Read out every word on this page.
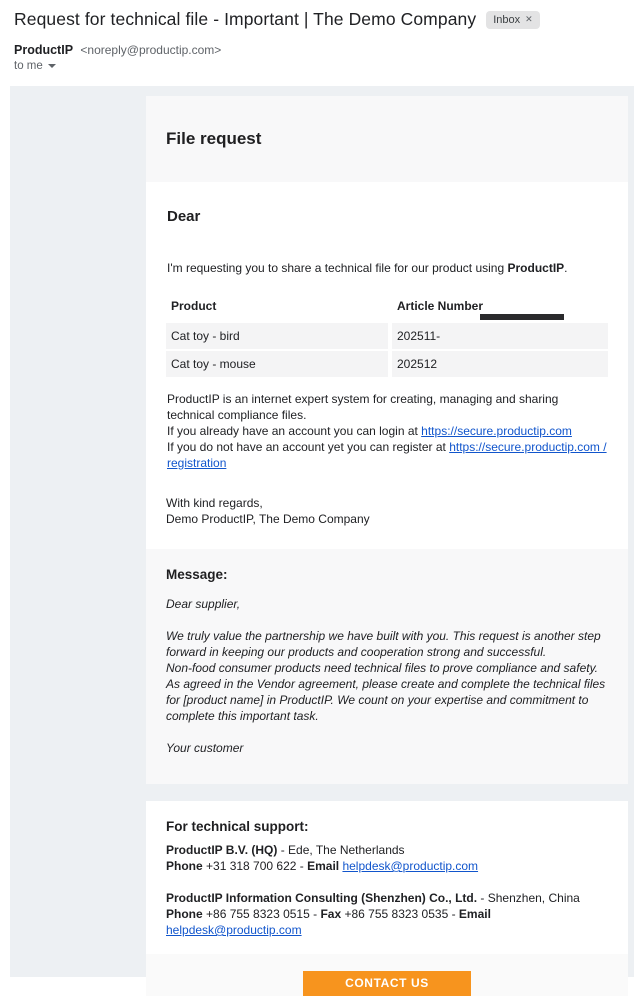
Request for technical file - Important | The Demo Company Inbox ✕
ProductIP <noreply@productip.com>
to me
File request
Dear

I'm requesting you to share a technical file for our product using ProductIP.

Product	Article Number
Cat toy - bird	202511-
Cat toy - mouse	202512
ProductIP is an internet expert system for creating, managing and sharing technical compliance files.
If you already have an account you can login at https://secure.productip.com
If you do not have an account yet you can register at https://secure.productip.com / registration
With kind regards,
Demo ProductIP, The Demo Company
Message:

Dear supplier,

We truly value the partnership we have built with you. This request is another step forward in keeping our products and cooperation strong and successful.
Non-food consumer products need technical files to prove compliance and safety.
As agreed in the Vendor agreement, please create and complete the technical files for [product name] in ProductIP. We count on your expertise and commitment to complete this important task.

Your customer

For technical support:
ProductIP B.V. (HQ) - Ede, The Netherlands
Phone +31 318 700 622 - Email helpdesk@productip.com
ProductIP Information Consulting (Shenzhen) Co., Ltd. - Shenzhen, China
Phone +86 755 8323 0515 - Fax +86 755 8323 0535 - Email helpdesk@productip.com
CONTACT US
